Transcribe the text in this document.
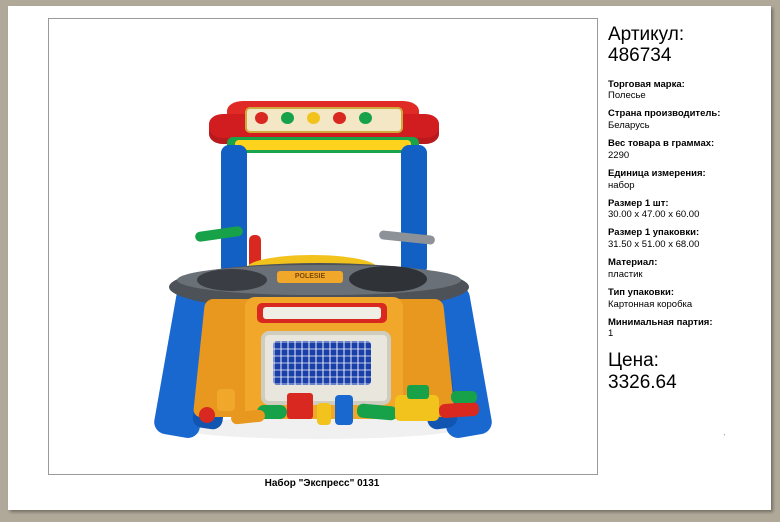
POLESIE
Набор "Экспресс" 0131
Артикул:
486734
Торговая марка:
Полесье
Страна производитель:
Беларусь
Вес товара в граммах:
2290
Единица измерения:
набор
Размер 1 шт:
30.00 x 47.00 x 60.00
Размер 1 упаковки:
31.50 x 51.00 x 68.00
Материал:
пластик
Тип упаковки:
Картонная коробка
Минимальная партия:
1
Цена:
3326.64
'
